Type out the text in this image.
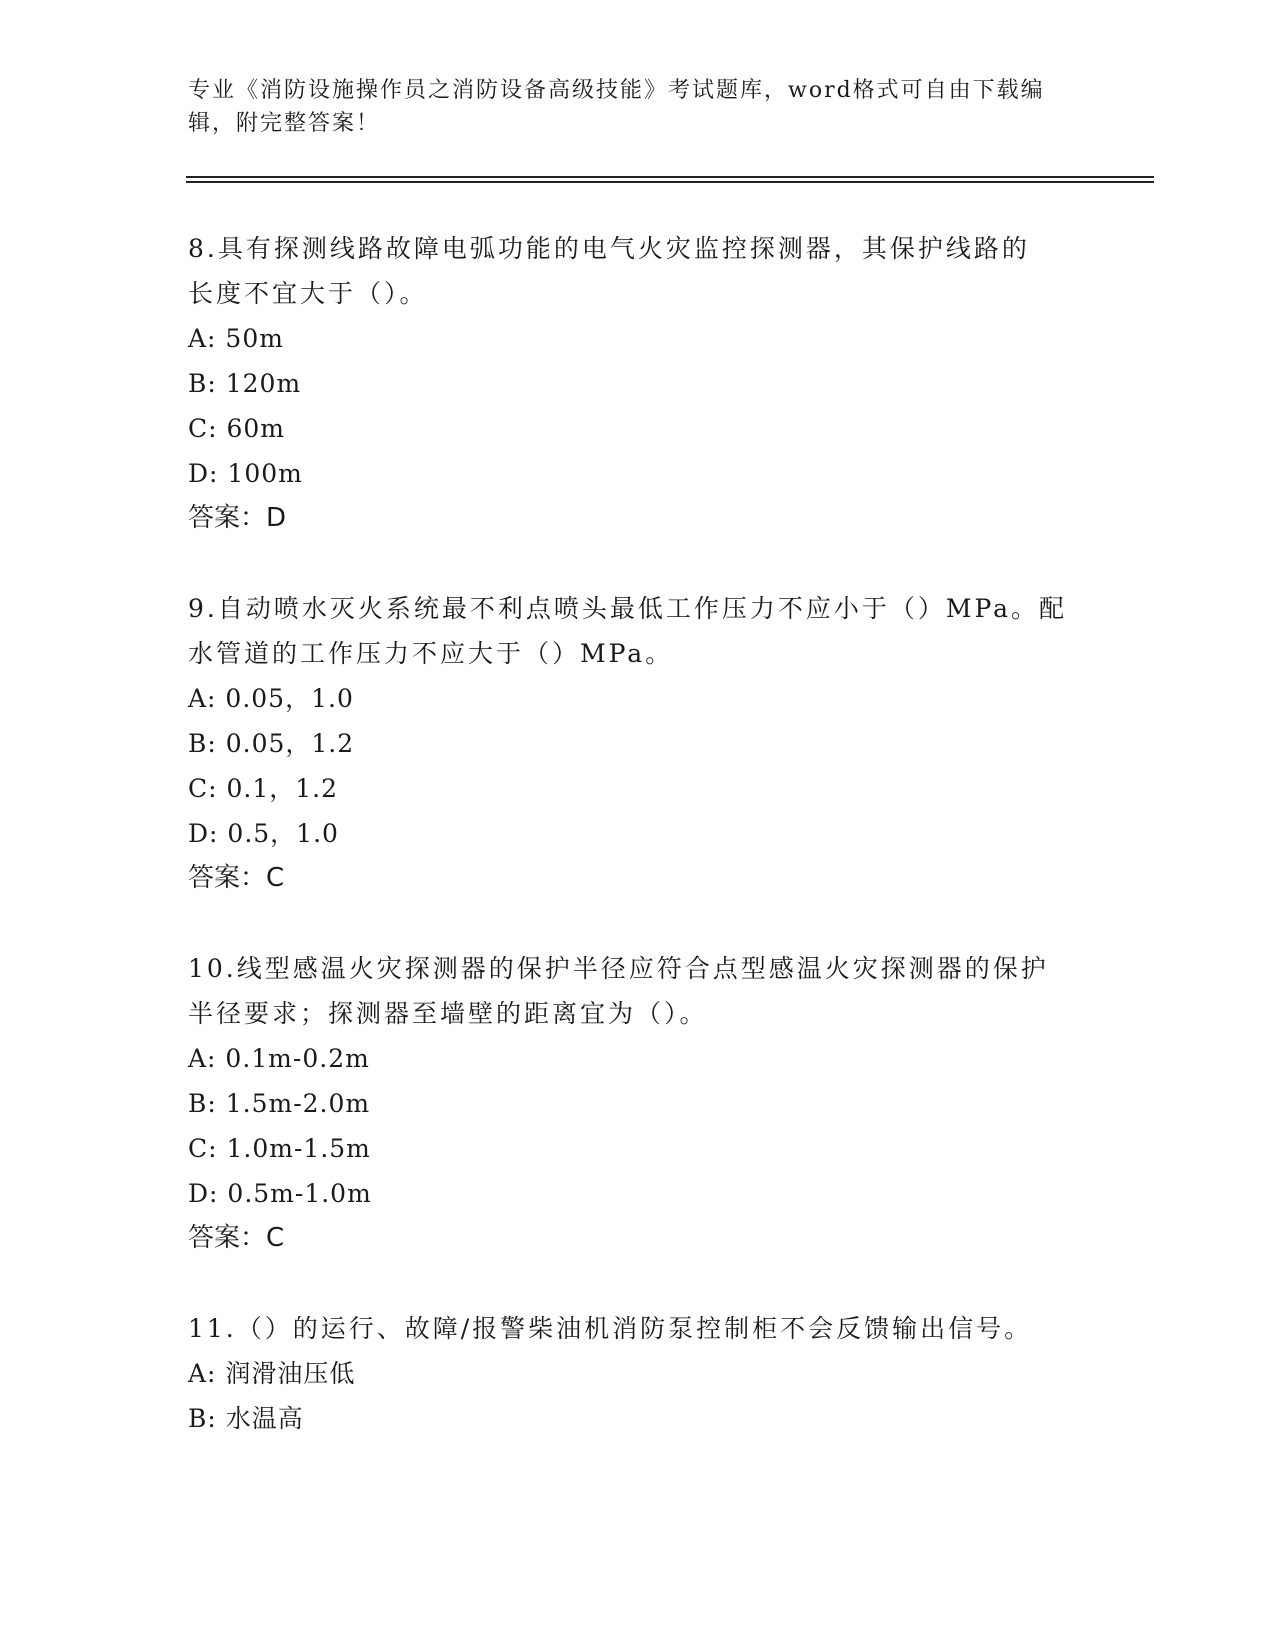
专业《消防设施操作员之消防设备高级技能》考试题库，word格式可自由下载编
辑，附完整答案！
8.具有探测线路故障电弧功能的电气火灾监控探测器，其保护线路的
长度不宜大于（）。
A: 50m
B: 120m
C: 60m
D: 100m
答案：D
9.自动喷水灭火系统最不利点喷头最低工作压力不应小于（）MPa。配
水管道的工作压力不应大于（）MPa。
A: 0.05，1.0
B: 0.05，1.2
C: 0.1，1.2
D: 0.5，1.0
答案：C
10.线型感温火灾探测器的保护半径应符合点型感温火灾探测器的保护
半径要求；探测器至墙壁的距离宜为（）。
A: 0.1m-0.2m
B: 1.5m-2.0m
C: 1.0m-1.5m
D: 0.5m-1.0m
答案：C
11.（）的运行、故障/报警柴油机消防泵控制柜不会反馈输出信号。
A: 润滑油压低
B: 水温高
